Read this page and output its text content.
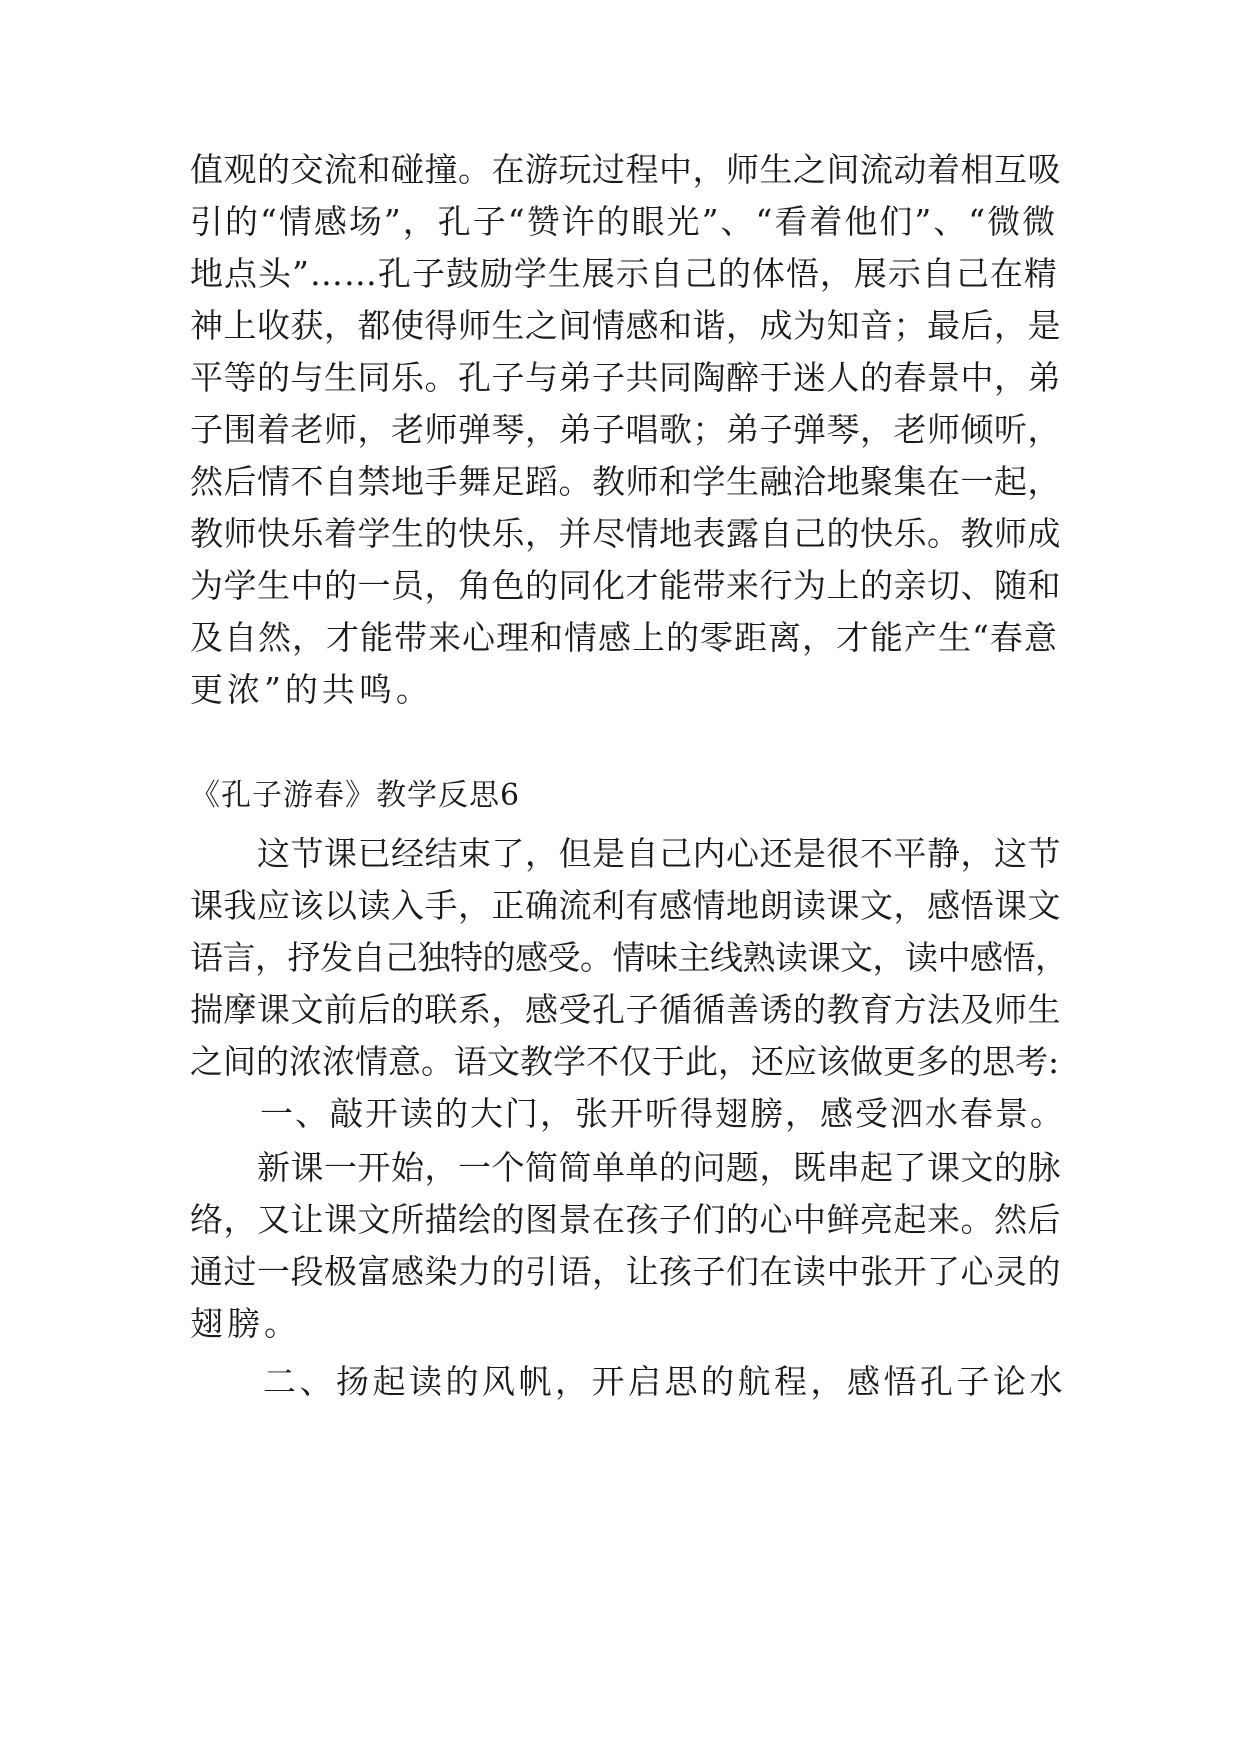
值观的交流和碰撞。在游玩过程中，师生之间流动着相互吸
引的“情感场”，孔子“赞许的眼光”、“看着他们”、“微微
地点头”……孔子鼓励学生展示自己的体悟，展示自己在精
神上收获，都使得师生之间情感和谐，成为知音；最后，是
平等的与生同乐。孔子与弟子共同陶醉于迷人的春景中，弟
子围着老师，老师弹琴，弟子唱歌；弟子弹琴，老师倾听，
然后情不自禁地手舞足蹈。教师和学生融洽地聚集在一起，
教师快乐着学生的快乐，并尽情地表露自己的快乐。教师成
为学生中的一员，角色的同化才能带来行为上的亲切、随和
及自然，才能带来心理和情感上的零距离，才能产生“春意
更浓”的共鸣。
《孔子游春》教学反思6
　　这节课已经结束了，但是自己内心还是很不平静，这节
课我应该以读入手，正确流利有感情地朗读课文，感悟课文
语言，抒发自己独特的感受。情味主线熟读课文，读中感悟，
揣摩课文前后的联系，感受孔子循循善诱的教育方法及师生
之间的浓浓情意。语文教学不仅于此，还应该做更多的思考:
　　一、敲开读的大门，张开听得翅膀，感受泗水春景。
　　新课一开始，一个简简单单的问题，既串起了课文的脉
络，又让课文所描绘的图景在孩子们的心中鲜亮起来。然后
通过一段极富感染力的引语，让孩子们在读中张开了心灵的
翅膀。
　　二、扬起读的风帆，开启思的航程，感悟孔子论水
